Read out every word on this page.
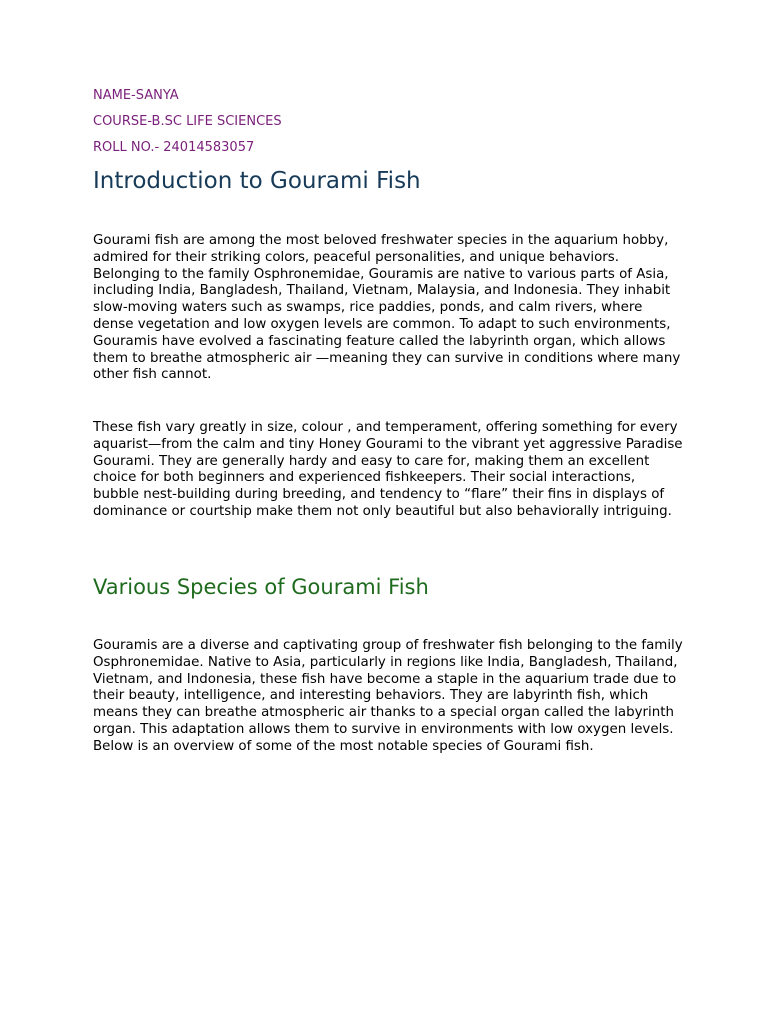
NAME-SANYA
COURSE-B.SC LIFE SCIENCES
ROLL NO.- 24014583057
Introduction to Gourami Fish

Gourami fish are among the most beloved freshwater species in the aquarium hobby, admired for their striking colors, peaceful personalities, and unique behaviors. Belonging to the family Osphronemidae, Gouramis are native to various parts of Asia, including India, Bangladesh, Thailand, Vietnam, Malaysia, and Indonesia. They inhabit slow-moving waters such as swamps, rice paddies, ponds, and calm rivers, where dense vegetation and low oxygen levels are common. To adapt to such environments, Gouramis have evolved a fascinating feature called the labyrinth organ, which allows them to breathe atmospheric air —meaning they can survive in conditions where many other fish cannot.

These fish vary greatly in size, colour , and temperament, offering something for every aquarist—from the calm and tiny Honey Gourami to the vibrant yet aggressive Paradise Gourami. They are generally hardy and easy to care for, making them an excellent choice for both beginners and experienced fishkeepers. Their social interactions, bubble nest-building during breeding, and tendency to “flare” their fins in displays of dominance or courtship make them not only beautiful but also behaviorally intriguing.

Various Species of Gourami Fish

Gouramis are a diverse and captivating group of freshwater fish belonging to the family Osphronemidae. Native to Asia, particularly in regions like India, Bangladesh, Thailand, Vietnam, and Indonesia, these fish have become a staple in the aquarium trade due to their beauty, intelligence, and interesting behaviors. They are labyrinth fish, which means they can breathe atmospheric air thanks to a special organ called the labyrinth organ. This adaptation allows them to survive in environments with low oxygen levels. Below is an overview of some of the most notable species of Gourami fish.
